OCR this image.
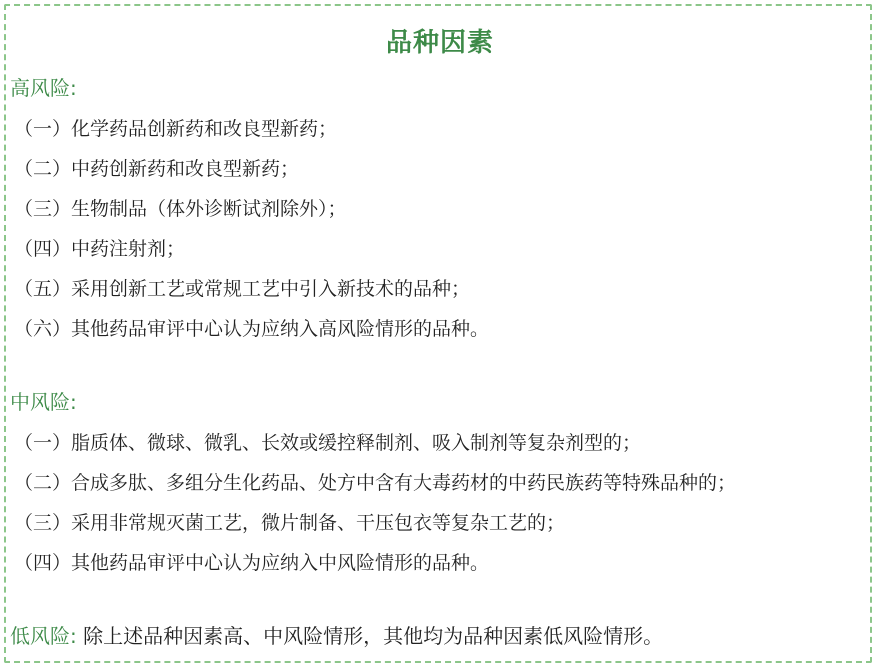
品种因素
高风险:
（一）化学药品创新药和改良型新药；
（二）中药创新药和改良型新药；
（三）生物制品（体外诊断试剂除外）；
（四）中药注射剂；
（五）采用创新工艺或常规工艺中引入新技术的品种；
（六）其他药品审评中心认为应纳入高风险情形的品种。
中风险:
（一）脂质体、微球、微乳、长效或缓控释制剂、吸入制剂等复杂剂型的；
（二）合成多肽、多组分生化药品、处方中含有大毒药材的中药民族药等特殊品种的；
（三）采用非常规灭菌工艺，微片制备、干压包衣等复杂工艺的；
（四）其他药品审评中心认为应纳入中风险情形的品种。
低风险: 除上述品种因素高、中风险情形，其他均为品种因素低风险情形。
